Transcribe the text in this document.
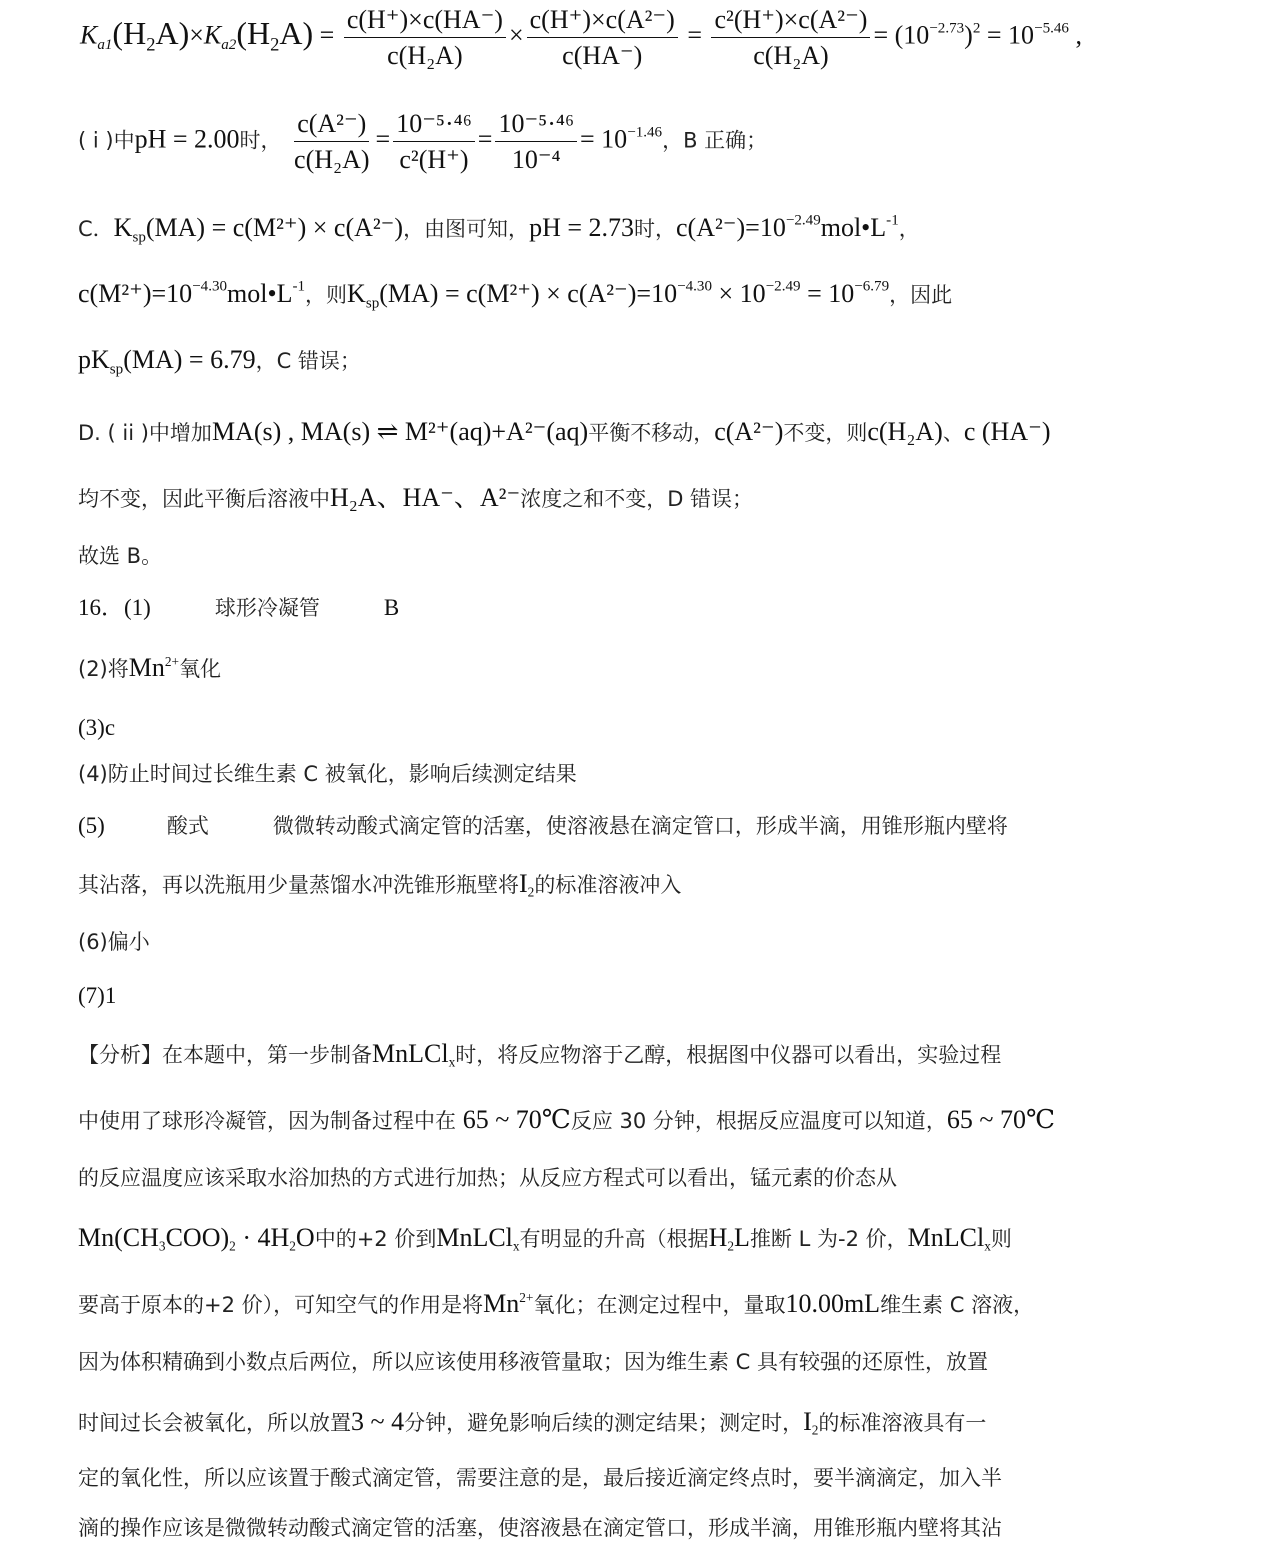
$K_{a1}(H_2A)\times K_{a2}(H_2A) = \frac{c(H^+)\times c(HA^-)}{\text{c(H₂A)}} \times \frac{\text{c(H⁺)×c(A²⁻)}}{c(HA^-)} = \frac{\text{c²(H⁺)×c(A²⁻)}}{\text{c(H₂A)}} = (10^{-2.73})^2 = 10^{-5.46}$ ,
( i )中pH = 2.00时， $\frac{\text{c(A²⁻)}}{\text{c(H₂A)}} = \frac{\text{10⁻⁵·⁴⁶}}{\text{c²(H⁺)}} = \frac{\text{10⁻⁵·⁴⁶}}{\text{10⁻⁴}} = 10^{-1.46}$，B 正确；
C．$K_{sp}(MA) = c(M^{2+}) \times c(A^{2-})$，由图可知，pH = 2.73时，$c(A^{2-})=10^{-2.49}mol•L^{-1}$，
$c(M^{2+})=10^{-4.30}mol•L^{-1}$，则$K_{sp}(MA) = c(M^{2+}) \times c(A^{2-})=10^{-4.30} \times 10^{-2.49} = 10^{-6.79}$，因此
$pK_{sp}(MA) = 6.79$，C 错误；
D. ( ii )中增加MA(s) , MA(s) ⇌ M²⁺(aq)+A²⁻(aq)平衡不移动，c(A²⁻)不变，则c(H₂A)、c (HA⁻)
均不变，因此平衡后溶液中H₂A、HA⁻、A²⁻浓度之和不变，D 错误；
故选 B。
16．(1)	球形冷凝管	B
(2)将$Mn^{2+}$氧化
(3)c
(4)防止时间过长维生素 C 被氧化，影响后续测定结果
(5)	酸式	微微转动酸式滴定管的活塞，使溶液悬在滴定管口，形成半滴，用锥形瓶内壁将
其沾落，再以洗瓶用少量蒸馏水冲洗锥形瓶壁将$I_2$的标准溶液冲入
(6)偏小
(7)1
【分析】在本题中，第一步制备MnLCl$_x$时，将反应物溶于乙醇，根据图中仪器可以看出，实验过程
中使用了球形冷凝管，因为制备过程中在 65 ~ 70℃反应 30 分钟，根据反应温度可以知道，65 ~ 70℃
的反应温度应该采取水浴加热的方式进行加热；从反应方程式可以看出，锰元素的价态从
$Mn(CH_3COO)_2 \cdot 4H_2O$中的+2 价到MnLCl$_x$有明显的升高（根据$H_2L$推断 L 为-2 价，MnLCl$_x$则
要高于原本的+2 价），可知空气的作用是将$Mn^{2+}$氧化；在测定过程中，量取10.00mL维生素 C 溶液，
因为体积精确到小数点后两位，所以应该使用移液管量取；因为维生素 C 具有较强的还原性，放置
时间过长会被氧化，所以放置3 ~ 4分钟，避免影响后续的测定结果；测定时，$I_2$的标准溶液具有一
定的氧化性，所以应该置于酸式滴定管，需要注意的是，最后接近滴定终点时，要半滴滴定，加入半
滴的操作应该是微微转动酸式滴定管的活塞，使溶液悬在滴定管口，形成半滴，用锥形瓶内壁将其沾
